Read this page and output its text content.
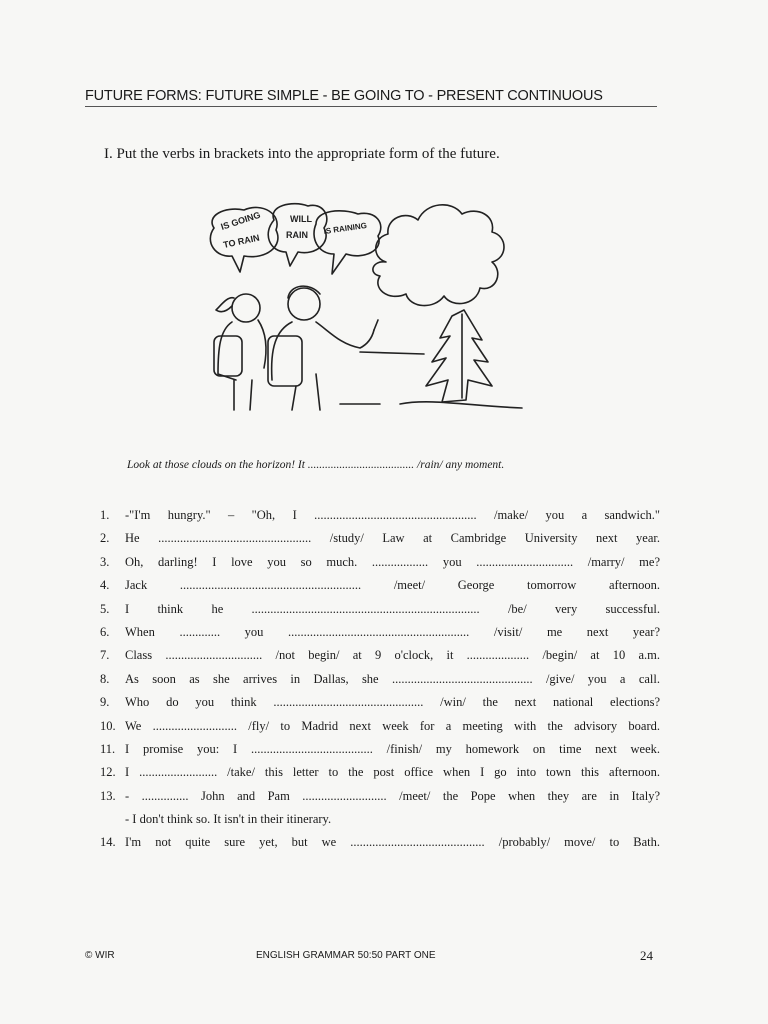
FUTURE FORMS: FUTURE SIMPLE - BE GOING TO - PRESENT CONTINUOUS
I. Put the verbs in brackets into the appropriate form of the future.
IS GOING
TO RAIN
WILL
RAIN IS RAINING
Look at those clouds on the horizon! It ..................................... /rain/ any moment.
1.	-"I'm hungry." – "Oh, I .................................................... /make/ you a sandwich."
2.	He ................................................. /study/ Law at Cambridge University next year.
3.	Oh, darling! I love you so much. .................. you ............................... /marry/ me?
4.	Jack .......................................................... /meet/ George tomorrow afternoon.
5.	I think he ......................................................................... /be/ very successful.
6.	When ............. you .......................................................... /visit/ me next year?
7.	Class ............................... /not begin/ at 9 o'clock, it .................... /begin/ at 10 a.m.
8.	As soon as she arrives in Dallas, she ............................................. /give/ you a call.
9.	Who do you think ................................................ /win/ the next national elections?
10. We ........................... /fly/ to Madrid next week for a meeting with the advisory board.
11. I promise you: I ....................................... /finish/ my homework on time next week.
12. I ......................... /take/ this letter to the post office when I go into town this afternoon.
13. - ............... John and Pam ........................... /meet/ the Pope when they are in Italy?
- I don't think so. It isn't in their itinerary.
14. I'm not quite sure yet, but we ........................................... /probably/ move/ to Bath.
© WIR	ENGLISH GRAMMAR 50:50 PART ONE	24
